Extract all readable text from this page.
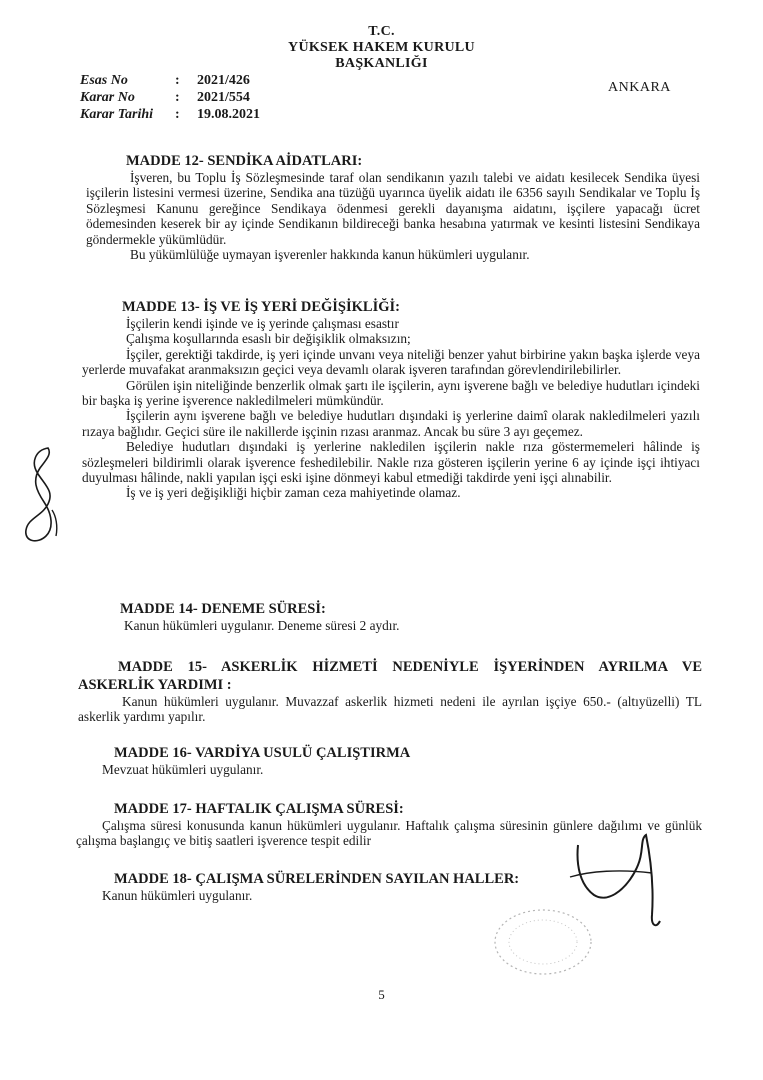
T.C.
YÜKSEK HAKEM KURULU
BAŞKANLIĞI
Esas No	:	2021/426
Karar No	:	2021/554
Karar Tarihi	:	19.08.2021
ANKARA
MADDE 12- SENDİKA AİDATLARI:

İşveren, bu Toplu İş Sözleşmesinde taraf olan sendikanın yazılı talebi ve aidatı kesilecek Sendika üyesi işçilerin listesini vermesi üzerine, Sendika ana tüzüğü uyarınca üyelik aidatı ile 6356 sayılı Sendikalar ve Toplu İş Sözleşmesi Kanunu gereğince Sendikaya ödenmesi gerekli dayanışma aidatını, işçilere yapacağı ücret ödemesinden keserek bir ay içinde Sendikanın bildireceği banka hesabına yatırmak ve kesinti listesini Sendikaya göndermekle yükümlüdür.

Bu yükümlülüğe uymayan işverenler hakkında kanun hükümleri uygulanır.

MADDE 13- İŞ VE İŞ YERİ DEĞİŞİKLİĞİ:

İşçilerin kendi işinde ve iş yerinde çalışması esastır

Çalışma koşullarında esaslı bir değişiklik olmaksızın;

İşçiler, gerektiği takdirde, iş yeri içinde unvanı veya niteliği benzer yahut birbirine yakın başka işlerde veya yerlerde muvafakat aranmaksızın geçici veya devamlı olarak işveren tarafından görevlendirilebilirler.

Görülen işin niteliğinde benzerlik olmak şartı ile işçilerin, aynı işverene bağlı ve belediye hudutları içindeki bir başka iş yerine işverence nakledilmeleri mümkündür.

İşçilerin aynı işverene bağlı ve belediye hudutları dışındaki iş yerlerine daimî olarak nakledilmeleri yazılı rızaya bağlıdır. Geçici süre ile nakillerde işçinin rızası aranmaz. Ancak bu süre 3 ayı geçemez.

Belediye hudutları dışındaki iş yerlerine nakledilen işçilerin nakle rıza göstermemeleri hâlinde iş sözleşmeleri bildirimli olarak işverence feshedilebilir. Nakle rıza gösteren işçilerin yerine 6 ay içinde işçi ihtiyacı duyulması hâlinde, nakli yapılan işçi eski işine dönmeyi kabul etmediği takdirde yeni işçi alınabilir.

İş ve iş yeri değişikliği hiçbir zaman ceza mahiyetinde olamaz.

MADDE 14- DENEME SÜRESİ:

Kanun hükümleri uygulanır. Deneme süresi 2 aydır.

MADDE 15- ASKERLİK HİZMETİ NEDENİYLE İŞYERİNDEN AYRILMA VE ASKERLİK YARDIMI :

Kanun hükümleri uygulanır. Muvazzaf askerlik hizmeti nedeni ile ayrılan işçiye 650.- (altıyüzelli) TL askerlik yardımı yapılır.

MADDE 16- VARDİYA USULÜ ÇALIŞTIRMA

Mevzuat hükümleri uygulanır.

MADDE 17- HAFTALIK ÇALIŞMA SÜRESİ:

Çalışma süresi konusunda kanun hükümleri uygulanır. Haftalık çalışma süresinin günlere dağılımı ve günlük çalışma başlangıç ve bitiş saatleri işverence tespit edilir

MADDE 18- ÇALIŞMA SÜRELERİNDEN SAYILAN HALLER:

Kanun hükümleri uygulanır.

5
